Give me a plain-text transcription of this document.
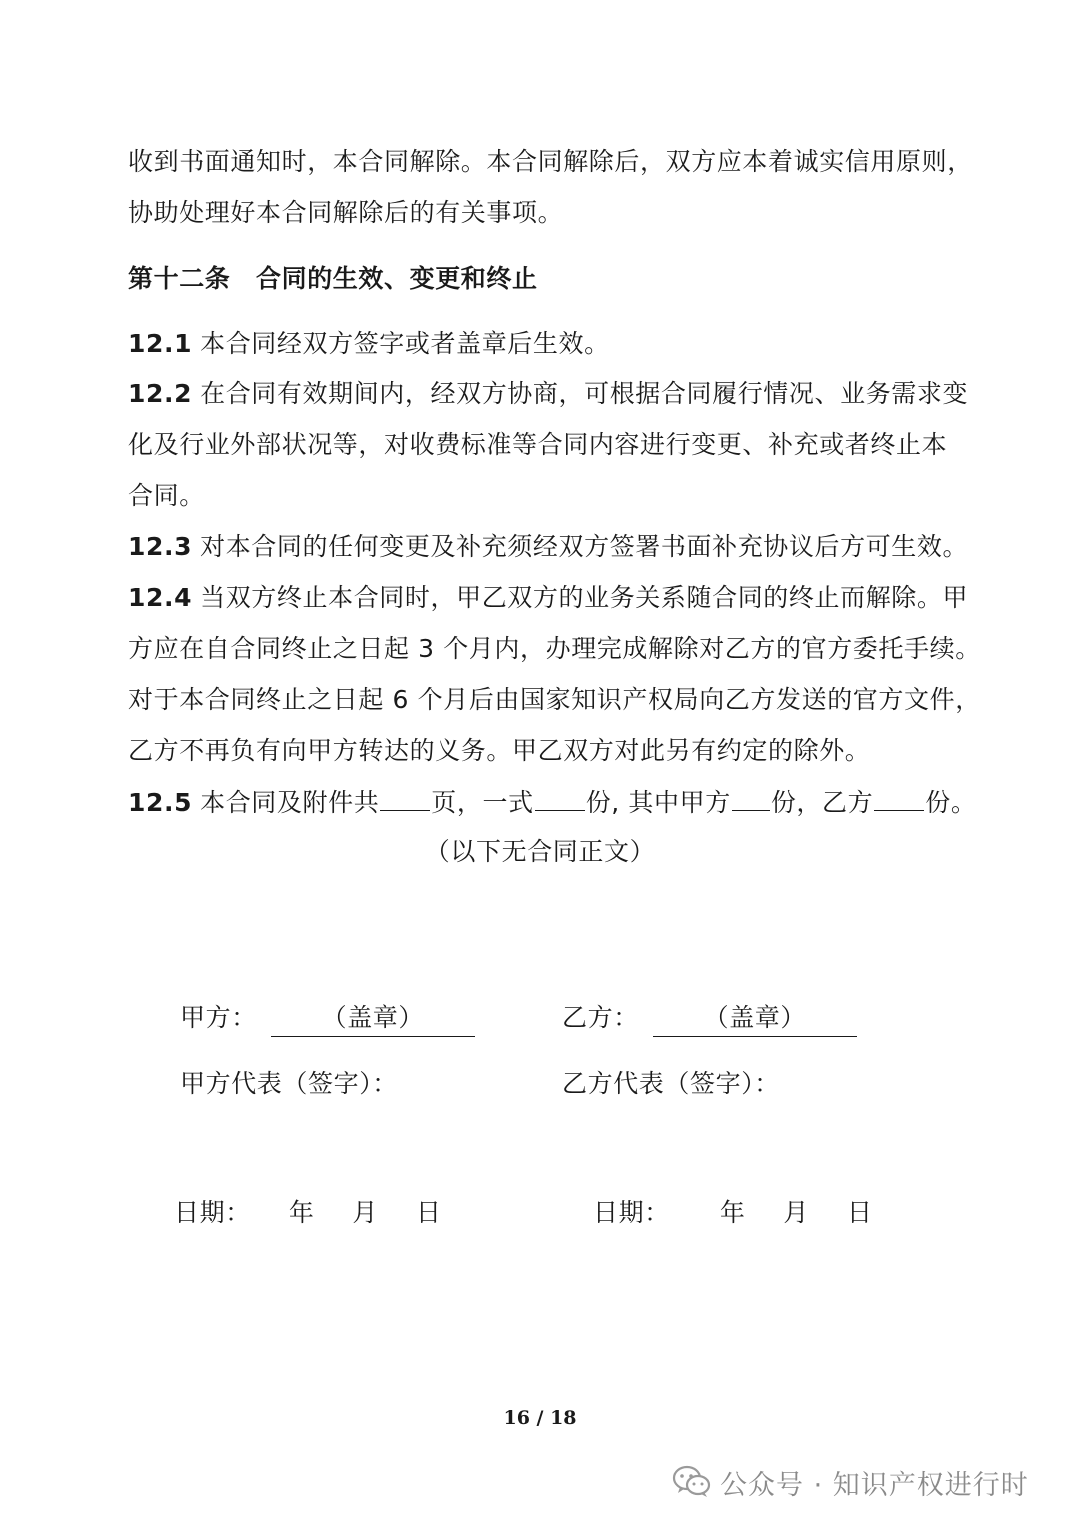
收到书面通知时，本合同解除。本合同解除后，双方应本着诚实信用原则，
协助处理好本合同解除后的有关事项。
第十二条　合同的生效、变更和终止
12.1 本合同经双方签字或者盖章后生效。
12.2 在合同有效期间内，经双方协商，可根据合同履行情况、业务需求变
化及行业外部状况等，对收费标准等合同内容进行变更、补充或者终止本
合同。
12.3 对本合同的任何变更及补充须经双方签署书面补充协议后方可生效。
12.4 当双方终止本合同时，甲乙双方的业务关系随合同的终止而解除。甲
方应在自合同终止之日起 3 个月内，办理完成解除对乙方的官方委托手续。
对于本合同终止之日起 6 个月后由国家知识产权局向乙方发送的官方文件，
乙方不再负有向甲方转达的义务。甲乙双方对此另有约定的除外。
12.5 本合同及附件共 页，一式 份, 其中甲方 份，乙方 份。
（以下无合同正文）
甲方：	（盖章）	乙方：	（盖章）
甲方代表（签字）：	乙方代表（签字）：
日期： 年 月 日	日期： 年 月 日
16 / 18
公众号 · 知识产权进行时
